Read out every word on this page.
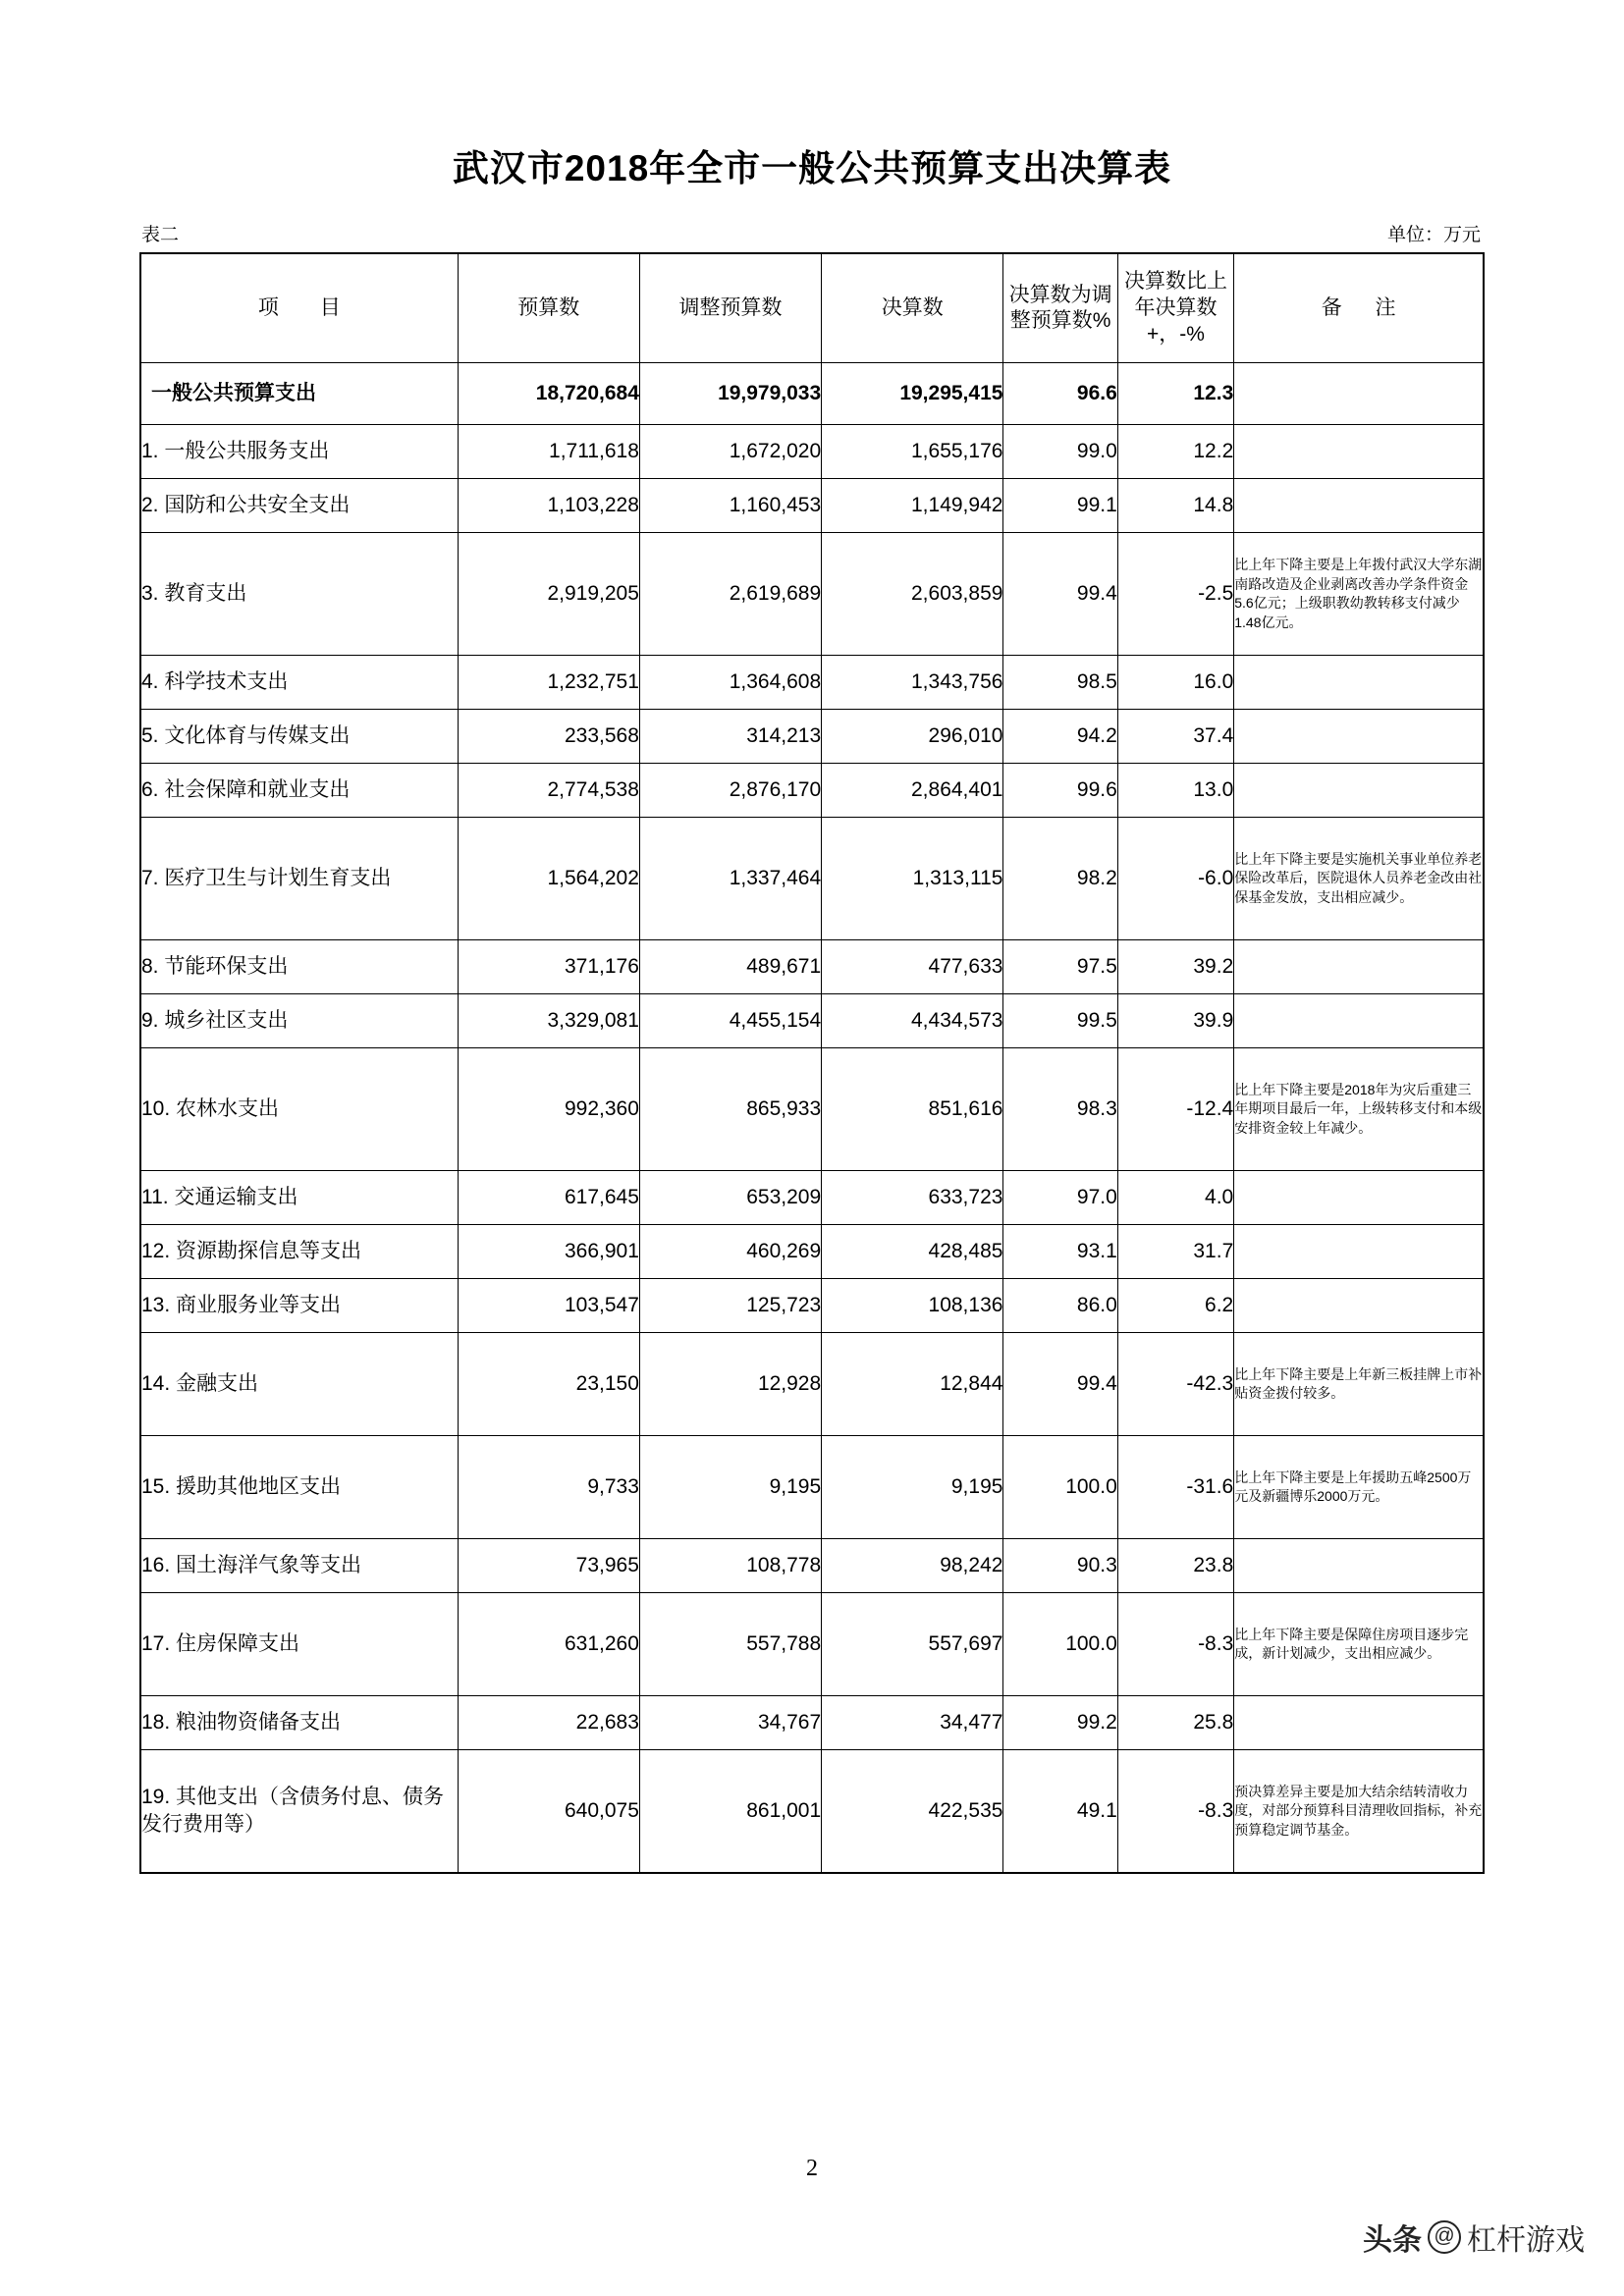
武汉市2018年全市一般公共预算支出决算表
表二	单位：万元
项 目	预算数	调整预算数	决算数	决算数为调整预算数%	决算数比上年决算数 +，-%	备 注
一般公共预算支出	18,720,684	19,979,033	19,295,415	96.6	12.3	
1. 一般公共服务支出	1,711,618	1,672,020	1,655,176	99.0	12.2	
2. 国防和公共安全支出	1,103,228	1,160,453	1,149,942	99.1	14.8	
3. 教育支出	2,919,205	2,619,689	2,603,859	99.4	-2.5	比上年下降主要是上年拨付武汉大学东湖南路改造及企业剥离改善办学条件资金5.6亿元；上级职教幼教转移支付减少1.48亿元。
4. 科学技术支出	1,232,751	1,364,608	1,343,756	98.5	16.0	
5. 文化体育与传媒支出	233,568	314,213	296,010	94.2	37.4	
6. 社会保障和就业支出	2,774,538	2,876,170	2,864,401	99.6	13.0	
7. 医疗卫生与计划生育支出	1,564,202	1,337,464	1,313,115	98.2	-6.0	比上年下降主要是实施机关事业单位养老保险改革后，医院退休人员养老金改由社保基金发放，支出相应减少。
8. 节能环保支出	371,176	489,671	477,633	97.5	39.2	
9. 城乡社区支出	3,329,081	4,455,154	4,434,573	99.5	39.9	
10. 农林水支出	992,360	865,933	851,616	98.3	-12.4	比上年下降主要是2018年为灾后重建三年期项目最后一年，上级转移支付和本级安排资金较上年减少。
11. 交通运输支出	617,645	653,209	633,723	97.0	4.0	
12. 资源勘探信息等支出	366,901	460,269	428,485	93.1	31.7	
13. 商业服务业等支出	103,547	125,723	108,136	86.0	6.2	
14. 金融支出	23,150	12,928	12,844	99.4	-42.3	比上年下降主要是上年新三板挂牌上市补贴资金拨付较多。
15. 援助其他地区支出	9,733	9,195	9,195	100.0	-31.6	比上年下降主要是上年援助五峰2500万元及新疆博乐2000万元。
16. 国土海洋气象等支出	73,965	108,778	98,242	90.3	23.8	
17. 住房保障支出	631,260	557,788	557,697	100.0	-8.3	比上年下降主要是保障住房项目逐步完成，新计划减少，支出相应减少。
18. 粮油物资储备支出	22,683	34,767	34,477	99.2	25.8	
19. 其他支出（含债务付息、债务发行费用等）	640,075	861,001	422,535	49.1	-8.3	预决算差异主要是加大结余结转清收力度，对部分预算科目清理收回指标，补充预算稳定调节基金。
2
头条 @ 杠杆游戏
